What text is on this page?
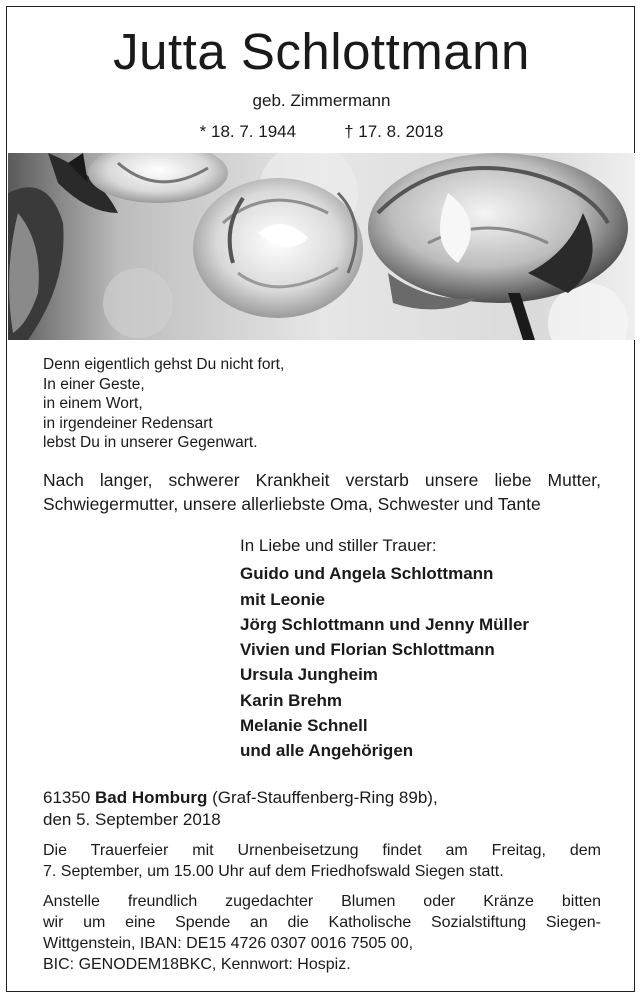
Jutta Schlottmann
geb. Zimmermann
* 18. 7. 1944	† 17. 8. 2018
Denn eigentlich gehst Du nicht fort,
In einer Geste,
in einem Wort,
in irgendeiner Redensart
lebst Du in unserer Gegenwart.
Nach langer, schwerer Krankheit verstarb unsere liebe Mutter,
Schwiegermutter, unsere allerliebste Oma, Schwester und Tante
In Liebe und stiller Trauer:
Guido und Angela Schlottmann
mit Leonie
Jörg Schlottmann und Jenny Müller
Vivien und Florian Schlottmann
Ursula Jungheim
Karin Brehm
Melanie Schnell
und alle Angehörigen
61350 Bad Homburg (Graf-Stauffenberg-Ring 89b),
den 5. September 2018
Die Trauerfeier mit Urnenbeisetzung findet am Freitag, dem
7. September, um 15.00 Uhr auf dem Friedhofswald Siegen statt.
Anstelle freundlich zugedachter Blumen oder Kränze bitten
wir um eine Spende an die Katholische Sozialstiftung Siegen-
Wittgenstein, IBAN: DE15 4726 0307 0016 7505 00,
BIC: GENODEM18BKC, Kennwort: Hospiz.
